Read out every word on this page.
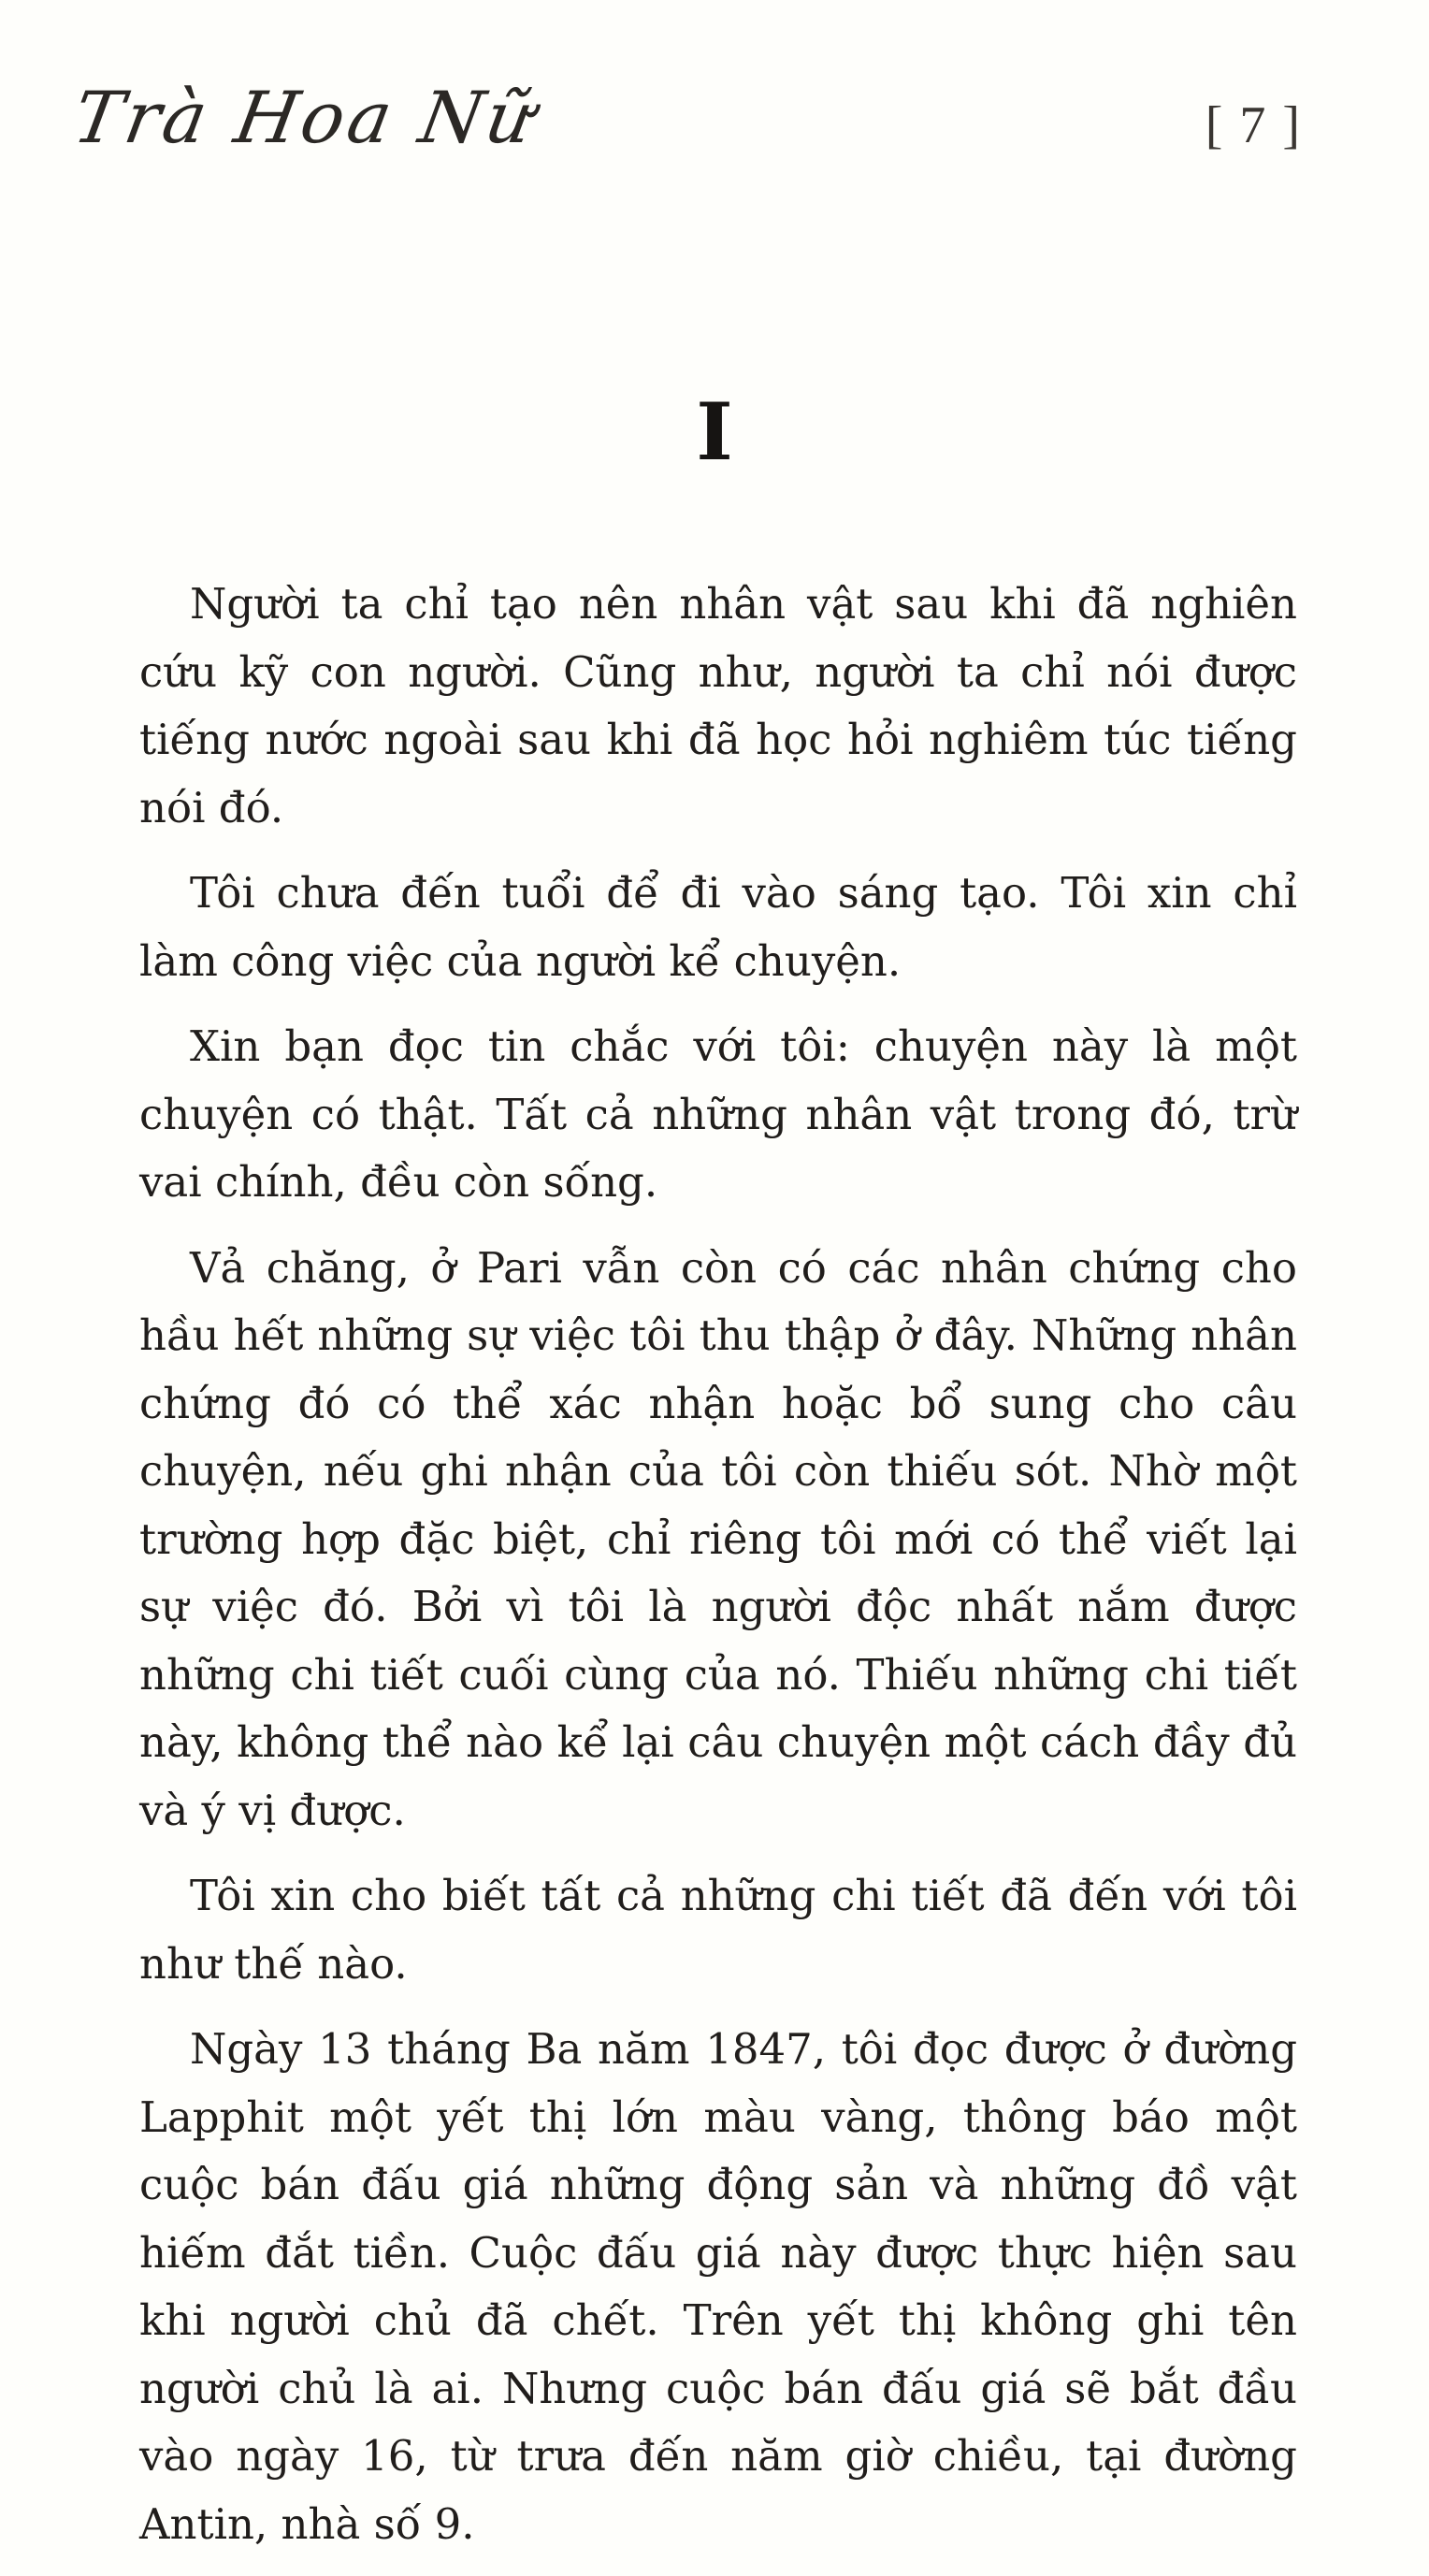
Trà Hoa Nữ	[ 7 ]
I

Người ta chỉ tạo nên nhân vật sau khi đã nghiên cứu kỹ con người. Cũng như, người ta chỉ nói được tiếng nước ngoài sau khi đã học hỏi nghiêm túc tiếng nói đó.

Tôi chưa đến tuổi để đi vào sáng tạo. Tôi xin chỉ làm công việc của người kể chuyện.

Xin bạn đọc tin chắc với tôi: chuyện này là một chuyện có thật. Tất cả những nhân vật trong đó, trừ vai chính, đều còn sống.

Vả chăng, ở Pari vẫn còn có các nhân chứng cho hầu hết những sự việc tôi thu thập ở đây. Những nhân chứng đó có thể xác nhận hoặc bổ sung cho câu chuyện, nếu ghi nhận của tôi còn thiếu sót. Nhờ một trường hợp đặc biệt, chỉ riêng tôi mới có thể viết lại sự việc đó. Bởi vì tôi là người độc nhất nắm được những chi tiết cuối cùng của nó. Thiếu những chi tiết này, không thể nào kể lại câu chuyện một cách đầy đủ và ý vị được.

Tôi xin cho biết tất cả những chi tiết đã đến với tôi như thế nào.

Ngày 13 tháng Ba năm 1847, tôi đọc được ở đường Lapphit một yết thị lớn màu vàng, thông báo một cuộc bán đấu giá những động sản và những đồ vật hiếm đắt tiền. Cuộc đấu giá này được thực hiện sau khi người chủ đã chết. Trên yết thị không ghi tên người chủ là ai. Nhưng cuộc bán đấu giá sẽ bắt đầu vào ngày 16, từ trưa đến năm giờ chiều, tại đường Antin, nhà số 9.
